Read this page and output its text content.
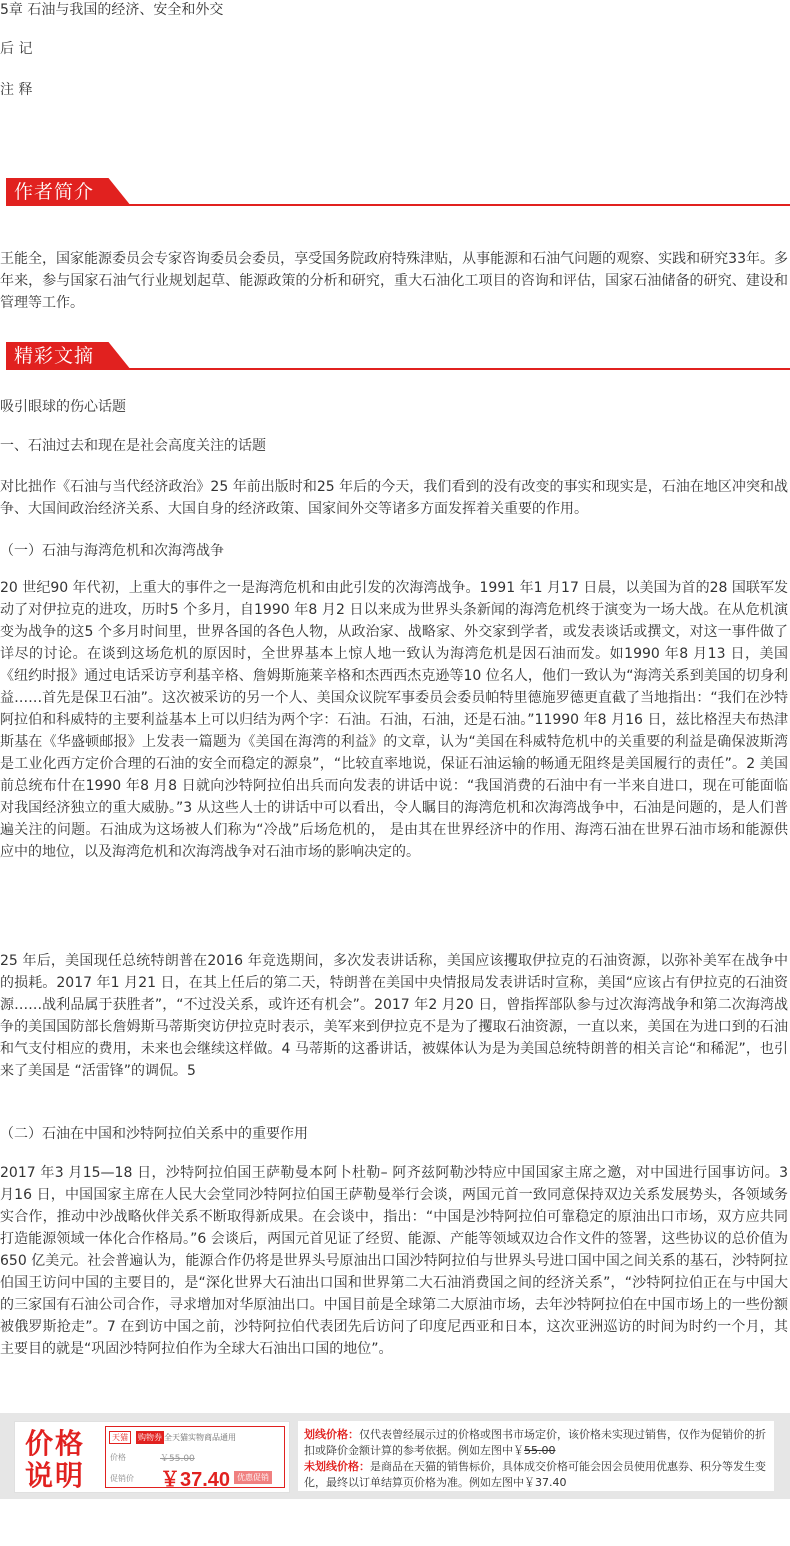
5章 石油与我国的经济、安全和外交
后 记
注 释
作者简介

王能全，国家能源委员会专家咨询委员会委员，享受国务院政府特殊津贴，从事能源和石油气问题的观察、实践和研究33年。多年来，参与国家石油气行业规划起草、能源政策的分析和研究，重大石油化工项目的咨询和评估，国家石油储备的研究、建设和管理等工作。

精彩文摘
吸引眼球的伤心话题
一、石油过去和现在是社会高度关注的话题

对比拙作《石油与当代经济政治》25 年前出版时和25 年后的今天，我们看到的没有改变的事实和现实是，石油在地区冲突和战争、大国间政治经济关系、大国自身的经济政策、国家间外交等诸多方面发挥着关重要的作用。

（一）石油与海湾危机和次海湾战争

20 世纪90 年代初，上重大的事件之一是海湾危机和由此引发的次海湾战争。1991 年1 月17 日晨，以美国为首的28 国联军发动了对伊拉克的进攻，历时5 个多月，自1990 年8 月2 日以来成为世界头条新闻的海湾危机终于演变为一场大战。在从危机演变为战争的这5 个多月时间里，世界各国的各色人物，从政治家、战略家、外交家到学者，或发表谈话或撰文，对这一事件做了详尽的讨论。在谈到这场危机的原因时，全世界基本上惊人地一致认为海湾危机是因石油而发。如1990 年8 月13 日，美国《纽约时报》通过电话采访亨利基辛格、詹姆斯施莱辛格和杰西西杰克逊等10 位名人，他们一致认为“海湾关系到美国的切身利益……首先是保卫石油”。这次被采访的另一个人、美国众议院军事委员会委员帕特里德施罗德更直截了当地指出：“我们在沙特阿拉伯和科威特的主要利益基本上可以归结为两个字：石油。石油，石油，还是石油。”11990 年8 月16 日，兹比格涅夫布热津斯基在《华盛顿邮报》上发表一篇题为《美国在海湾的利益》的文章，认为“美国在科威特危机中的关重要的利益是确保波斯湾是工业化西方定价合理的石油的安全而稳定的源泉”，“比较直率地说，保证石油运输的畅通无阻终是美国履行的责任”。2 美国前总统布什在1990 年8 月8 日就向沙特阿拉伯出兵而向发表的讲话中说：“我国消费的石油中有一半来自进口，现在可能面临对我国经济独立的重大威胁。”3 从这些人士的讲话中可以看出，令人瞩目的海湾危机和次海湾战争中，石油是问题的，是人们普遍关注的问题。石油成为这场被人们称为“冷战”后场危机的， 是由其在世界经济中的作用、海湾石油在世界石油市场和能源供应中的地位，以及海湾危机和次海湾战争对石油市场的影响决定的。

25 年后，美国现任总统特朗普在2016 年竞选期间，多次发表讲话称，美国应该攫取伊拉克的石油资源，以弥补美军在战争中的损耗。2017 年1 月21 日，在其上任后的第二天，特朗普在美国中央情报局发表讲话时宣称，美国“应该占有伊拉克的石油资源……战利品属于获胜者”，“不过没关系，或许还有机会”。2017 年2 月20 日，曾指挥部队参与过次海湾战争和第二次海湾战争的美国国防部长詹姆斯马蒂斯突访伊拉克时表示，美军来到伊拉克不是为了攫取石油资源，一直以来，美国在为进口到的石油和气支付相应的费用，未来也会继续这样做。4 马蒂斯的这番讲话，被媒体认为是为美国总统特朗普的相关言论“和稀泥”，也引来了美国是 “活雷锋”的调侃。5

（二）石油在中国和沙特阿拉伯关系中的重要作用

2017 年3 月15—18 日，沙特阿拉伯国王萨勒曼本阿卜杜勒– 阿齐兹阿勒沙特应中国国家主席之邀，对中国进行国事访问。3 月16 日，中国国家主席在人民大会堂同沙特阿拉伯国王萨勒曼举行会谈，两国元首一致同意保持双边关系发展势头，各领域务实合作，推动中沙战略伙伴关系不断取得新成果。在会谈中，指出：“中国是沙特阿拉伯可靠稳定的原油出口市场，双方应共同打造能源领域一体化合作格局。”6 会谈后，两国元首见证了经贸、能源、产能等领域双边合作文件的签署，这些协议的总价值为650 亿美元。社会普遍认为，能源合作仍将是世界头号原油出口国沙特阿拉伯与世界头号进口国中国之间关系的基石，沙特阿拉伯国王访问中国的主要目的，是“深化世界大石油出口国和世界第二大石油消费国之间的经济关系”，“沙特阿拉伯正在与中国大的三家国有石油公司合作，寻求增加对华原油出口。中国目前是全球第二大原油市场，去年沙特阿拉伯在中国市场上的一些份额被俄罗斯抢走”。7 在到访中国之前，沙特阿拉伯代表团先后访问了印度尼西亚和日本，这次亚洲巡访的时间为时约一个月，其主要目的就是“巩固沙特阿拉伯作为全球大石油出口国的地位”。

价格
说明
天猫	购物券 全天猫实物商品通用
价格	￥55.00
促销价 ￥37.40 优惠促销

划线价格：仅代表曾经展示过的价格或图书市场定价，该价格未实现过销售，仅作为促销价的折扣或降价金额计算的参考依据。例如左图中￥55.00

未划线价格：是商品在天猫的销售标价，具体成交价格可能会因会员使用优惠券、积分等发生变化，最终以订单结算页价格为准。例如左图中￥37.40
